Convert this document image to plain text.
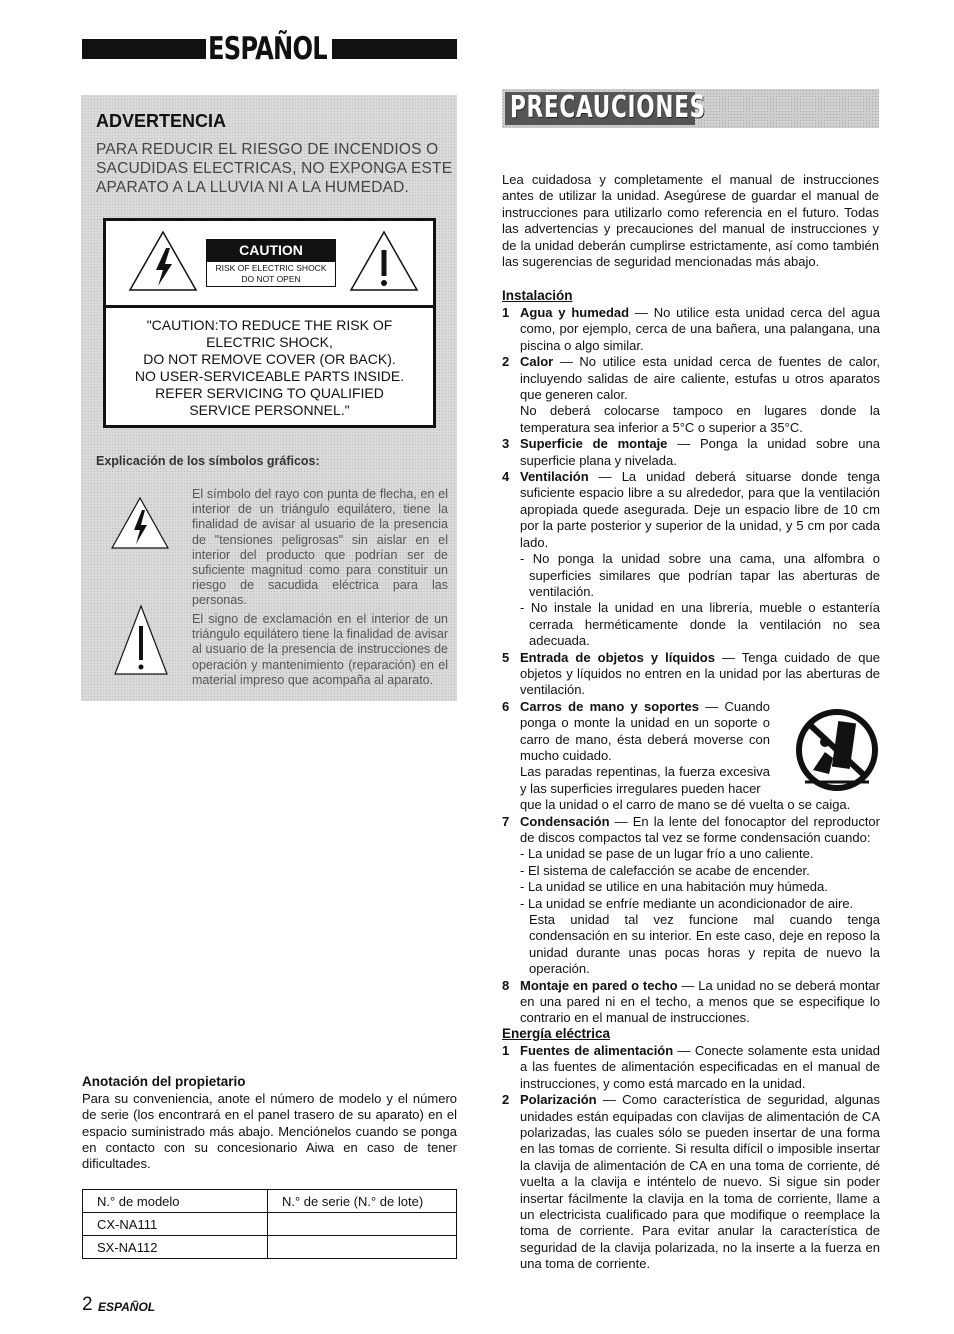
ESPAÑOL
ADVERTENCIA
PARA REDUCIR EL RIESGO DE INCENDIOS O SACUDIDAS ELECTRICAS, NO EXPONGA ESTE APARATO A LA LLUVIA NI A LA HUMEDAD.
CAUTION
RISK OF ELECTRIC SHOCK
DO NOT OPEN
"CAUTION:TO REDUCE THE RISK OF
ELECTRIC SHOCK,
DO NOT REMOVE COVER (OR BACK).
NO USER-SERVICEABLE PARTS INSIDE.
REFER SERVICING TO QUALIFIED
SERVICE PERSONNEL."
Explicación de los símbolos gráficos:
El símbolo del rayo con punta de flecha, en el interior de un triángulo equilátero, tiene la finalidad de avisar al usuario de la presencia de "tensiones peligrosas" sin aislar en el interior del producto que podrían ser de suficiente magnitud como para constituir un riesgo de sacudida eléctrica para las personas.
El signo de exclamación en el interior de un triángulo equilátero tiene la finalidad de avisar al usuario de la presencia de instrucciones de operación y mantenimiento (reparación) en el material impreso que acompaña al aparato.
Anotación del propietario
Para su conveniencia, anote el número de modelo y el número de serie (los encontrará en el panel trasero de su aparato) en el espacio suministrado más abajo. Menciónelos cuando se ponga en contacto con su concesionario Aiwa en caso de tener dificultades.
N.° de modelo	N.° de serie (N.° de lote)
CX-NA111	
SX-NA112	
2 ESPAÑOL
PRECAUCIONES
Lea cuidadosa y completamente el manual de instrucciones antes de utilizar la unidad. Asegúrese de guardar el manual de instrucciones para utilizarlo como referencia en el futuro. Todas las advertencias y precauciones del manual de instrucciones y de la unidad deberán cumplirse estrictamente, así como también las sugerencias de seguridad mencionadas más abajo.
Instalación
1 Agua y humedad — No utilice esta unidad cerca del agua como, por ejemplo, cerca de una bañera, una palangana, una piscina o algo similar.
2 Calor — No utilice esta unidad cerca de fuentes de calor, incluyendo salidas de aire caliente, estufas u otros aparatos que generen calor.
No deberá colocarse tampoco en lugares donde la temperatura sea inferior a 5°C o superior a 35°C.
3 Superficie de montaje — Ponga la unidad sobre una superficie plana y nivelada.
4 Ventilación — La unidad deberá situarse donde tenga suficiente espacio libre a su alrededor, para que la ventilación apropiada quede asegurada. Deje un espacio libre de 10 cm por la parte posterior y superior de la unidad, y 5 cm por cada lado.
- No ponga la unidad sobre una cama, una alfombra o superficies similares que podrían tapar las aberturas de ventilación.
- No instale la unidad en una librería, mueble o estantería cerrada herméticamente donde la ventilación no sea adecuada.
5 Entrada de objetos y líquidos — Tenga cuidado de que objetos y líquidos no entren en la unidad por las aberturas de ventilación.
6 Carros de mano y soportes — Cuando ponga o monte la unidad en un soporte o carro de mano, ésta deberá moverse con mucho cuidado.
Las paradas repentinas, la fuerza excesiva y las superficies irregulares pueden hacer
que la unidad o el carro de mano se dé vuelta o se caiga.
7 Condensación — En la lente del fonocaptor del reproductor de discos compactos tal vez se forme condensación cuando:
- La unidad se pase de un lugar frío a uno caliente.
- El sistema de calefacción se acabe de encender.
- La unidad se utilice en una habitación muy húmeda.
- La unidad se enfríe mediante un acondicionador de aire.
Esta unidad tal vez funcione mal cuando tenga condensación en su interior. En este caso, deje en reposo la unidad durante unas pocas horas y repita de nuevo la operación.
8 Montaje en pared o techo — La unidad no se deberá montar en una pared ni en el techo, a menos que se especifique lo contrario en el manual de instrucciones.
Energía eléctrica
1 Fuentes de alimentación — Conecte solamente esta unidad a las fuentes de alimentación especificadas en el manual de instrucciones, y como está marcado en la unidad.
2 Polarización — Como característica de seguridad, algunas unidades están equipadas con clavijas de alimentación de CA polarizadas, las cuales sólo se pueden insertar de una forma en las tomas de corriente. Si resulta difícil o imposible insertar la clavija de alimentación de CA en una toma de corriente, dé vuelta a la clavija e inténtelo de nuevo. Si sigue sin poder insertar fácilmente la clavija en la toma de corriente, llame a un electricista cualificado para que modifique o reemplace la toma de corriente. Para evitar anular la característica de seguridad de la clavija polarizada, no la inserte a la fuerza en una toma de corriente.
